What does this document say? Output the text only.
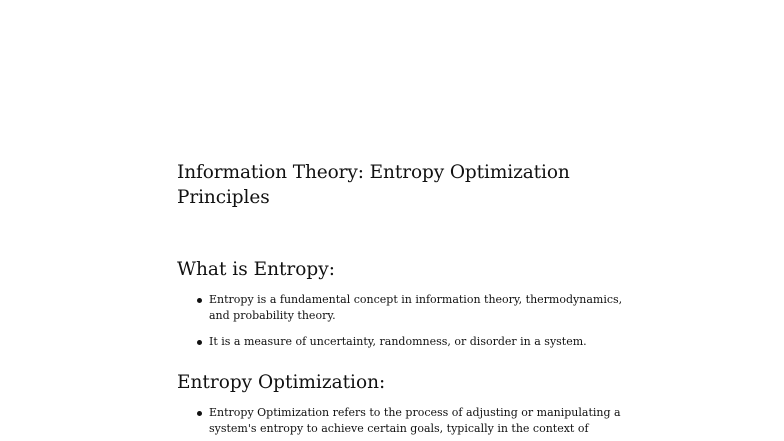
Information Theory: Entropy Optimization Principles
What is Entropy:
Entropy is a fundamental concept in information theory, thermodynamics, and probability theory.
It is a measure of uncertainty, randomness, or disorder in a system.
Entropy Optimization:
Entropy Optimization refers to the process of adjusting or manipulating a system's entropy to achieve certain goals, typically in the context of
